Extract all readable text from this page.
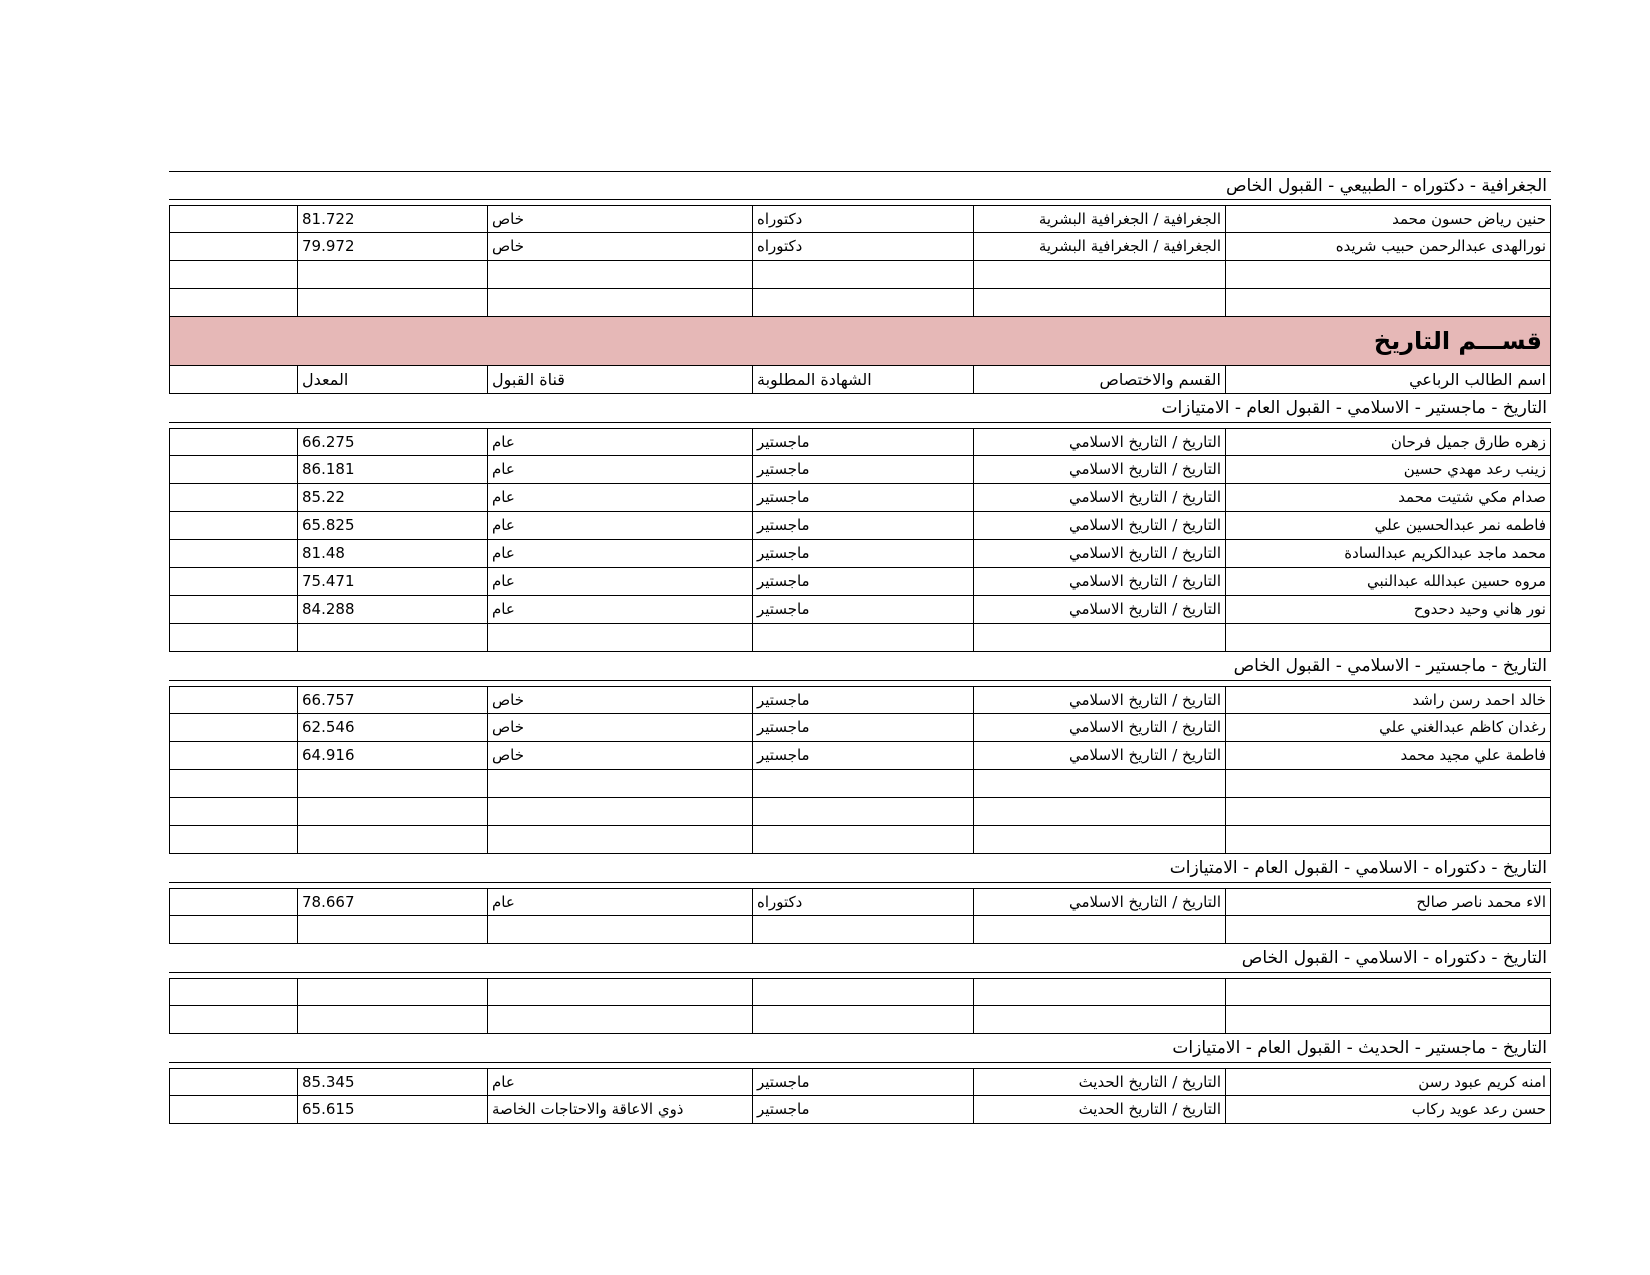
الجغرافية - دكتوراه - الطبيعي - القبول الخاص
حنين رياض حسون محمد
الجغرافية / الجغرافية البشرية
دكتوراه
خاص
81.722
نورالهدى عبدالرحمن حبيب شريده
الجغرافية / الجغرافية البشرية
دكتوراه
خاص
79.972
قســـم التاريخ
اسم الطالب الرباعي
القسم والاختصاص
الشهادة المطلوبة
قناة القبول
المعدل
التاريخ - ماجستير - الاسلامي - القبول العام - الامتيازات
زهره طارق جميل فرحان
التاريخ / التاريخ الاسلامي
ماجستير
عام
66.275
زينب رعد مهدي حسين
التاريخ / التاريخ الاسلامي
ماجستير
عام
86.181
صدام مكي شتيت محمد
التاريخ / التاريخ الاسلامي
ماجستير
عام
85.22
فاطمه نمر عبدالحسين علي
التاريخ / التاريخ الاسلامي
ماجستير
عام
65.825
محمد ماجد عبدالكريم عبدالسادة
التاريخ / التاريخ الاسلامي
ماجستير
عام
81.48
مروه حسين عبدالله عبدالنبي
التاريخ / التاريخ الاسلامي
ماجستير
عام
75.471
نور هاني وحيد دحدوح
التاريخ / التاريخ الاسلامي
ماجستير
عام
84.288
التاريخ - ماجستير - الاسلامي - القبول الخاص
خالد احمد رسن راشد
التاريخ / التاريخ الاسلامي
ماجستير
خاص
66.757
رغدان كاظم عبدالغني علي
التاريخ / التاريخ الاسلامي
ماجستير
خاص
62.546
فاطمة علي مجيد محمد
التاريخ / التاريخ الاسلامي
ماجستير
خاص
64.916
التاريخ - دكتوراه - الاسلامي - القبول العام - الامتيازات
الاء محمد ناصر صالح
التاريخ / التاريخ الاسلامي
دكتوراه
عام
78.667
التاريخ - دكتوراه - الاسلامي - القبول الخاص
التاريخ - ماجستير - الحديث - القبول العام - الامتيازات
امنه كريم عبود رسن
التاريخ / التاريخ الحديث
ماجستير
عام
85.345
حسن رعد عويد ركاب
التاريخ / التاريخ الحديث
ماجستير
ذوي الاعاقة والاحتاجات الخاصة
65.615
